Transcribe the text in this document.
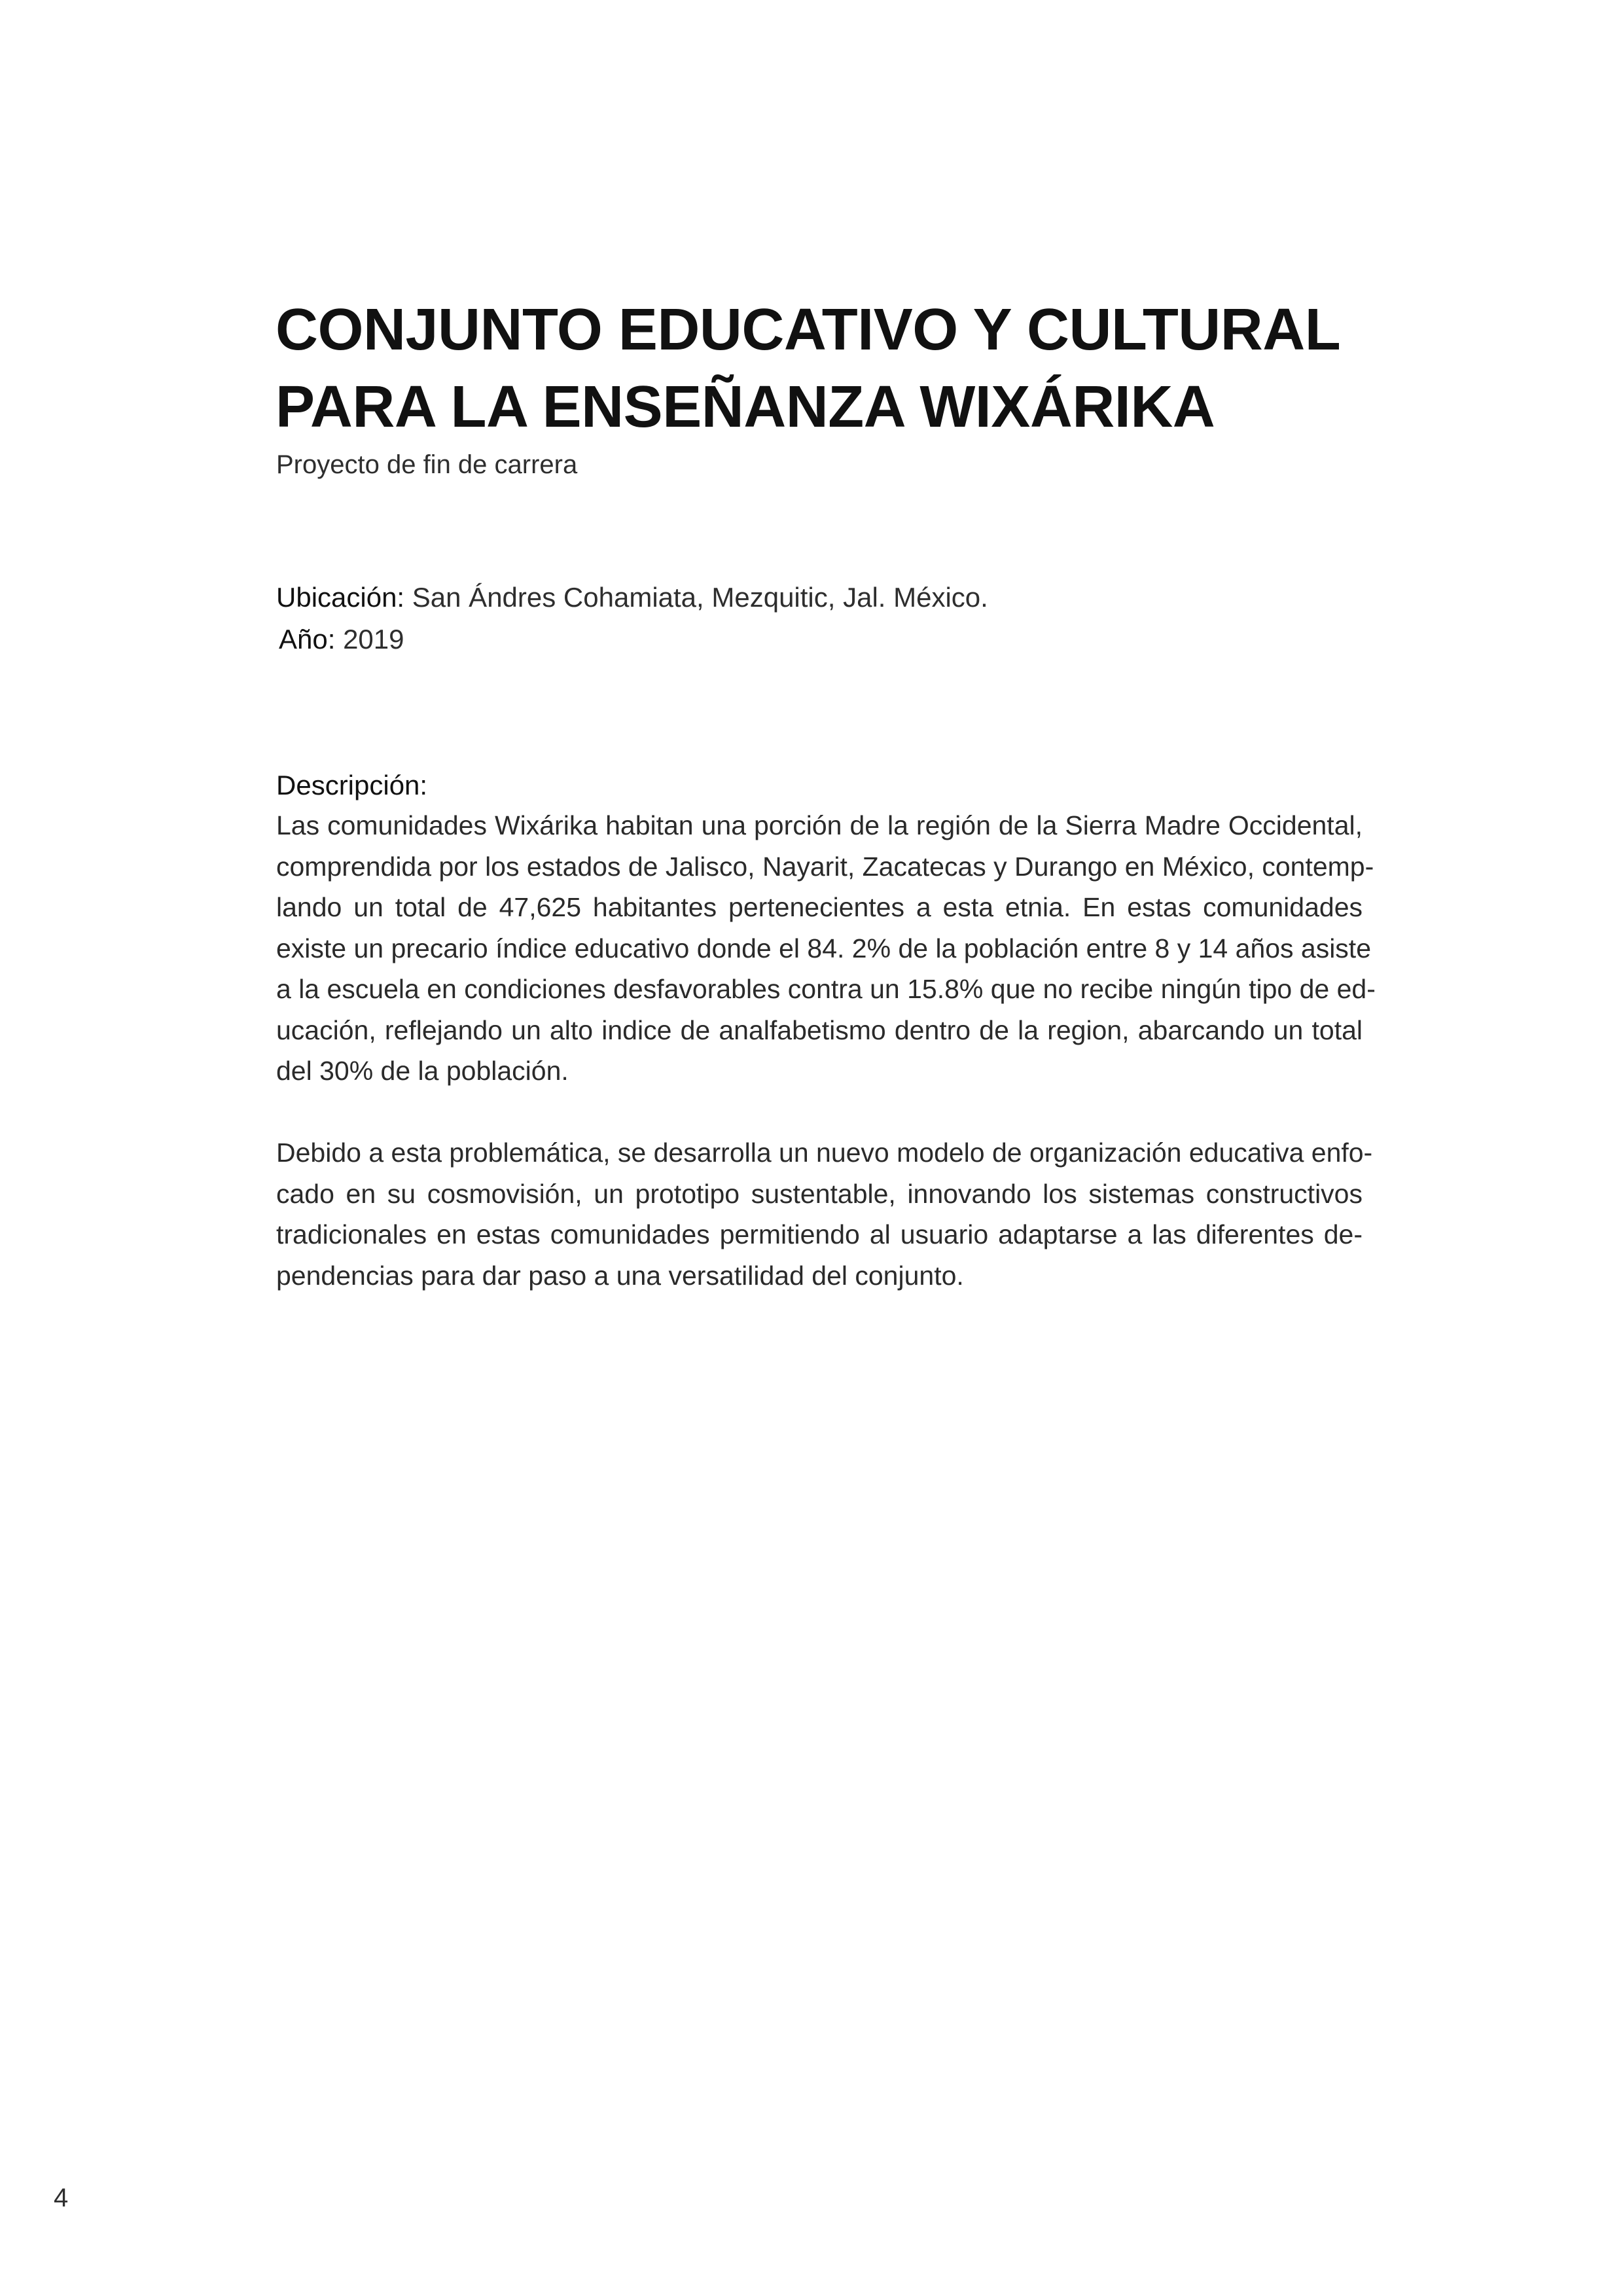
CONJUNTO EDUCATIVO Y CULTURAL
PARA LA ENSEÑANZA WIXÁRIKA
Proyecto de fin de carrera
Ubicación: San Ándres Cohamiata, Mezquitic, Jal. México.
Año: 2019
Descripción:
Las comunidades Wixárika habitan una porción de la región de la Sierra Madre Occidental,
comprendida por los estados de Jalisco, Nayarit, Zacatecas y Durango en México, contemp-
lando un total de 47,625 habitantes pertenecientes a esta etnia. En estas comunidades
existe un precario índice educativo donde el 84. 2% de la población entre 8 y 14 años asiste
a la escuela en condiciones desfavorables contra un 15.8% que no recibe ningún tipo de ed-
ucación, reflejando un alto indice de analfabetismo dentro de la region, abarcando un total
del 30% de la población.
Debido a esta problemática, se desarrolla un nuevo modelo de organización educativa enfo-
cado en su cosmovisión, un prototipo sustentable, innovando los sistemas constructivos
tradicionales en estas comunidades permitiendo al usuario adaptarse a las diferentes de-
pendencias para dar paso a una versatilidad del conjunto.
4
